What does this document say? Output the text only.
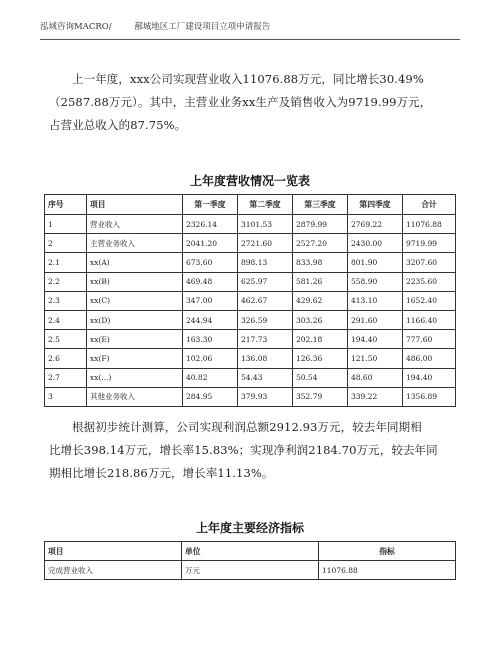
泓域咨询MACRO/	鄯城地区工厂建设项目立项申请报告

上一年度，xxx公司实现营业收入11076.88万元，同比增长30.49%

（2587.88万元）。其中，主营业业务xx生产及销售收入为9719.99万元，

占营业总收入的87.75%。

上年度营收情况一览表
序号	项目	第一季度	第二季度	第三季度	第四季度	合计
1	营业收入	2326.14	3101.53	2879.99	2769.22	11076.88
2	主营业务收入	2041.20	2721.60	2527.20	2430.00	9719.99
2.1	xx(A)	673.60	898.13	833.98	801.90	3207.60
2.2	xx(B)	469.48	625.97	581.26	558.90	2235.60
2.3	xx(C)	347.00	462.67	429.62	413.10	1652.40
2.4	xx(D)	244.94	326.59	303.26	291.60	1166.40
2.5	xx(E)	163.30	217.73	202.18	194.40	777.60
2.6	xx(F)	102.06	136.08	126.36	121.50	486.00
2.7	xx(...)	40.82	54.43	50.54	48.60	194.40
3	其他业务收入	284.95	379.93	352.79	339.22	1356.89

根据初步统计测算，公司实现利润总额2912.93万元，较去年同期相

比增长398.14万元，增长率15.83%；实现净利润2184.70万元，较去年同

期相比增长218.86万元，增长率11.13%。

上年度主要经济指标
项目	单位	指标
完成营业收入	万元	11076.88
